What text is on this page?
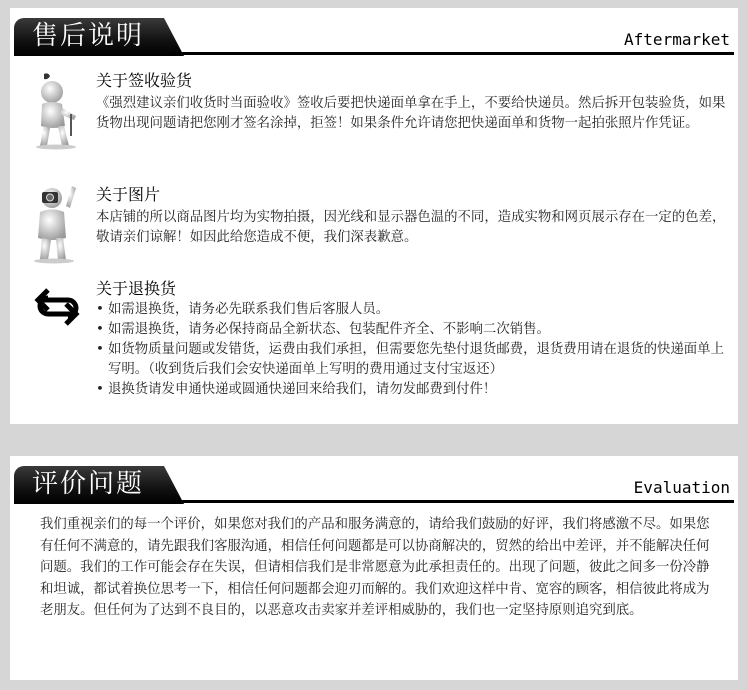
售后说明	Aftermarket
关于签收验货
《强烈建议亲们收货时当面验收》签收后要把快递面单拿在手上，不要给快递员。然后拆开包装验货，如果货物出现问题请把您刚才签名涂掉，拒签！如果条件允许请您把快递面单和货物一起拍张照片作凭证。
关于图片
本店铺的所以商品图片均为实物拍摄，因光线和显示器色温的不同，造成实物和网页展示存在一定的色差，敬请亲们谅解！如因此给您造成不便，我们深表歉意。
关于退换货
• 如需退换货，请务必先联系我们售后客服人员。
• 如需退换货，请务必保持商品全新状态、包装配件齐全、不影响二次销售。
• 如货物质量问题或发错货，运费由我们承担，但需要您先垫付退货邮费，退货费用请在退货的快递面单上写明。（收到货后我们会安快递面单上写明的费用通过支付宝返还）
• 退换货请发申通快递或圆通快递回来给我们，请勿发邮费到付件！
评价问题	Evaluation
我们重视亲们的每一个评价，如果您对我们的产品和服务满意的，请给我们鼓励的好评，我们将感激不尽。如果您有任何不满意的，请先跟我们客服沟通，相信任何问题都是可以协商解决的，贸然的给出中差评，并不能解决任何问题。我们的工作可能会存在失误，但请相信我们是非常愿意为此承担责任的。出现了问题，彼此之间多一份冷静和坦诚，都试着换位思考一下，相信任何问题都会迎刃而解的。我们欢迎这样中肯、宽容的顾客，相信彼此将成为老朋友。但任何为了达到不良目的，以恶意攻击卖家并差评相威胁的，我们也一定坚持原则追究到底。
